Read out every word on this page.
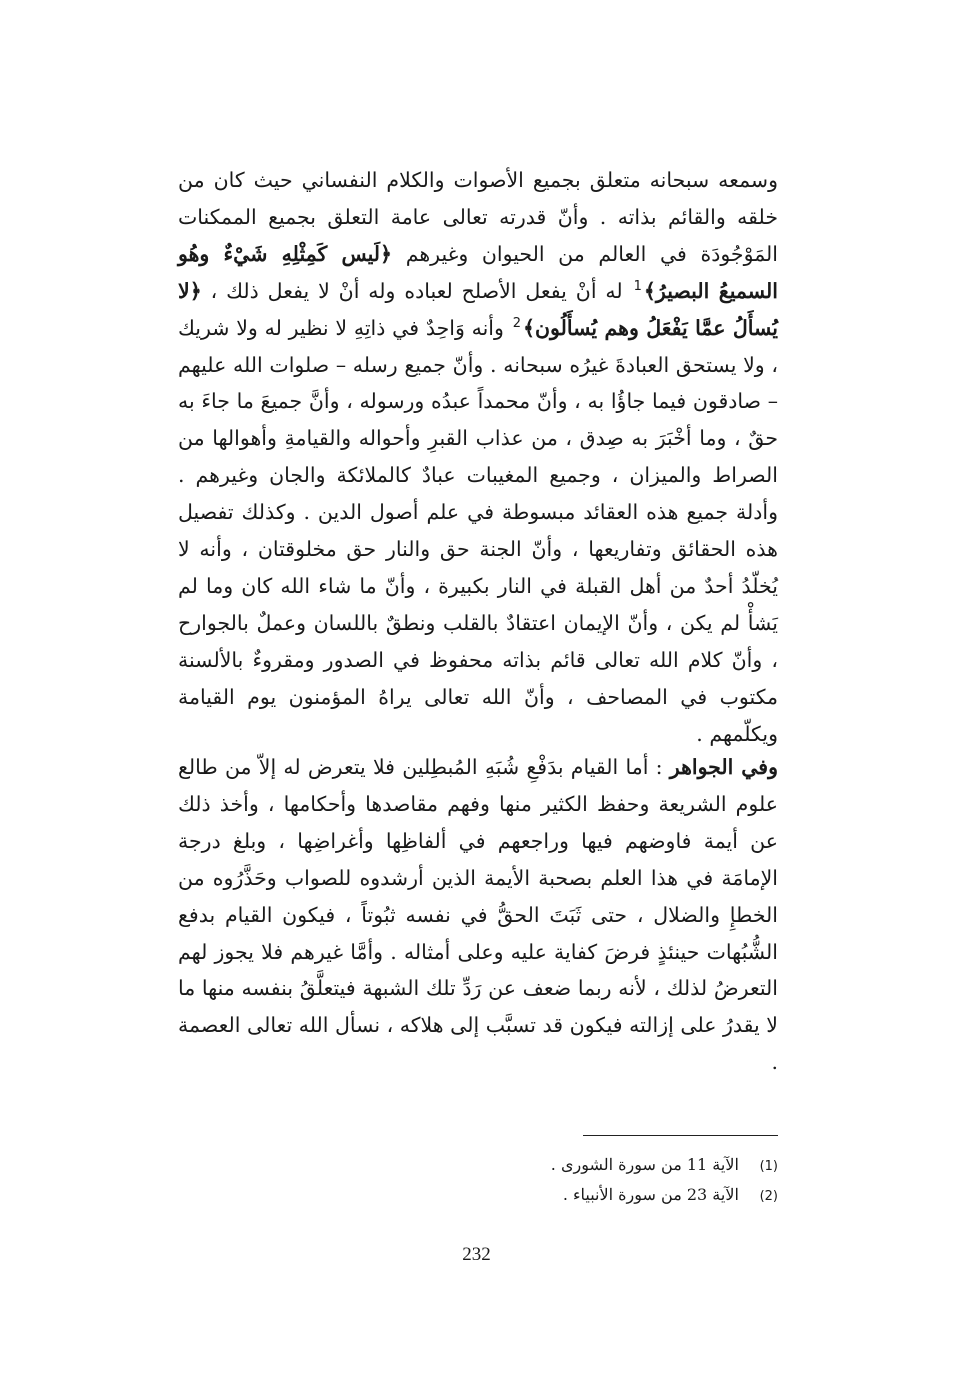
وسمعه سبحانه متعلق بجميع الأصوات والكلام النفساني حيث كان من خلقه والقائم بذاته . وأنّ قدرته تعالى عامة التعلق بجميع الممكنات المَوْجُودَة في العالم من الحيوان وغيرهم ﴿لَيس كَمِثْلِهِ شَيْءٌ وهُو السميعُ البصيرُ﴾$^1$ له أنْ يفعل الأصلح لعباده وله أنْ لا يفعل ذلك ، ﴿لا يُسأَلُ عمَّا يَفْعَلُ وهم يُسأَلُون﴾$^2$ وأنه وَاحِدٌ في ذاتِهِ لا نظير له ولا شريك ، ولا يستحق العبادةَ غيرُه سبحانه . وأنّ جميع رسله – صلوات الله عليهم – صادقون فيما جاؤُا به ، وأنّ محمداً عبدُه ورسوله ، وأنَّ جميعَ ما جاءَ به حقٌ ، وما أخْبَرَ به صِدق ، من عذاب القبرِ وأحواله والقيامةِ وأهوالها من الصراط والميزان ، وجميع المغيبات عبادٌ كالملائكة والجان وغيرهم . وأدلة جميع هذه العقائد مبسوطة في علم أصول الدين . وكذلك تفصيل هذه الحقائق وتفاريعها ، وأنّ الجنة حق والنار حق مخلوقتان ، وأنه لا يُخلّدُ أحدٌ من أهل القبلة في النار بكبيرة ، وأنّ ما شاء الله كان وما لم يَشأْ لم يكن ، وأنّ الإيمان اعتقادٌ بالقلب ونطقٌ باللسان وعملٌ بالجوارح ، وأنّ كلام الله تعالى قائم بذاته محفوظ في الصدور ومقروءٌ بالألسنة مكتوب في المصاحف ، وأنّ الله تعالى يراهُ المؤمنون يوم القيامة ويكلّمهم .
وفي الجواهر : أما القيام بدَفْعِ شُبَهِ المُبطِلين فلا يتعرض له إلاّ من طالع علوم الشريعة وحفظ الكثير منها وفهم مقاصدها وأحكامها ، وأخذ ذلك عن أيمة فاوضهم فيها وراجعهم في ألفاظِها وأغراضِها ، وبلغ درجة الإمامَة في هذا العلم بصحبة الأيمة الذين أرشدوه للصواب وحَذَّرُوه من الخطإِ والضلال ، حتى ثَبَتَ الحقُّ في نفسه ثبُوتاً ، فيكون القيام بدفع الشُّبُهات حينئذٍ فرضَ كفاية عليه وعلى أمثاله . وأمَّا غيرهم فلا يجوز لهم التعرضُ لذلك ، لأنه ربما ضعف عن رَدِّ تلك الشبهة فيتعلَّقُ بنفسه منها ما لا يقدرُ على إزالته فيكون قد تسبَّب إلى هلاكه ، نسأل الله تعالى العصمة .
(1) الآية 11 من سورة الشورى .
(2) الآية 23 من سورة الأنبياء .
232
